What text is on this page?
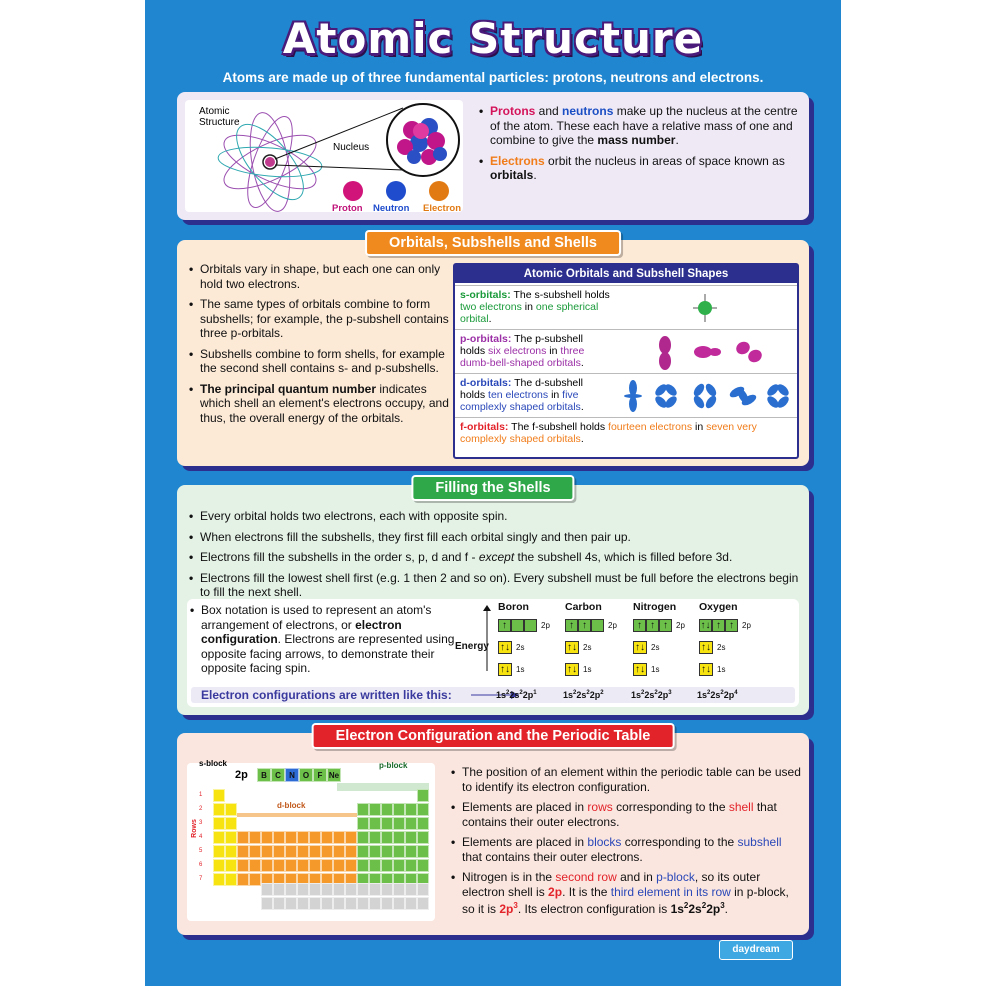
Atomic Structure
Atoms are made up of three fundamental particles: protons, neutrons and electrons.
Atomic Structure
Nucleus
Proton Neutron Electron
• Protons and neutrons make up the nucleus at the centre of the atom. These each have a relative mass of one and combine to give the mass number.
• Electrons orbit the nucleus in areas of space known as orbitals.
Orbitals, Subshells and Shells
• Orbitals vary in shape, but each one can only hold two electrons.
• The same types of orbitals combine to form subshells; for example, the p-subshell contains three p-orbitals.
• Subshells combine to form shells, for example the second shell contains s- and p-subshells.
• The principal quantum number indicates which shell an element's electrons occupy, and thus, the overall energy of the orbitals.
Atomic Orbitals and Subshell Shapes
s-orbitals: The s-subshell holds two electrons in one spherical orbital.
p-orbitals: The p-subshell holds six electrons in three dumb-bell-shaped orbitals.
d-orbitals: The d-subshell holds ten electrons in five complexly shaped orbitals.
f-orbitals: The f-subshell holds fourteen electrons in seven very complexly shaped orbitals.
Filling the Shells
• Every orbital holds two electrons, each with opposite spin.
• When electrons fill the subshells, they first fill each orbital singly and then pair up.
• Electrons fill the subshells in the order s, p, d and f - except the subshell 4s, which is filled before 3d.
• Electrons fill the lowest shell first (e.g. 1 then 2 and so on). Every subshell must be full before the electrons begin to fill the next shell.
• Box notation is used to represent an atom's arrangement of electrons, or electron configuration. Electrons are represented using opposite facing arrows, to demonstrate their opposite facing spin.
Energy
Boron
↑	2p
↑↓ 2s
↑↓ 1s
Carbon
↑ ↑	2p
↑↓ 2s
↑↓ 1s
Nitrogen
↑ ↑ ↑	2p
↑↓ 2s
↑↓ 1s
Oxygen
↑↓ ↑ ↑	2p
↑↓ 2s
↑↓ 1s
Electron configurations are written like this:	$1s^22s^22p^1$	$1s^22s^22p^2$	$1s^22s^22p^3$	$1s^22s^22p^4$
Electron Configuration and the Periodic Table
s-block	p-block
d-block
Rows
2p	B	C	N O	F Ne
1
2
3
4
5
6
7
• The position of an element within the periodic table can be used to identify its electron configuration.
• Elements are placed in rows corresponding to the shell that contains their outer electrons.
• Elements are placed in blocks corresponding to the subshell that contains their outer electrons.
• Nitrogen is in the second row and in p-block, so its outer electron shell is 2p. It is the third element in its row in p-block, so it is $2p^3$. Its electron configuration is $1s^22s^22p^3$.
daydream
